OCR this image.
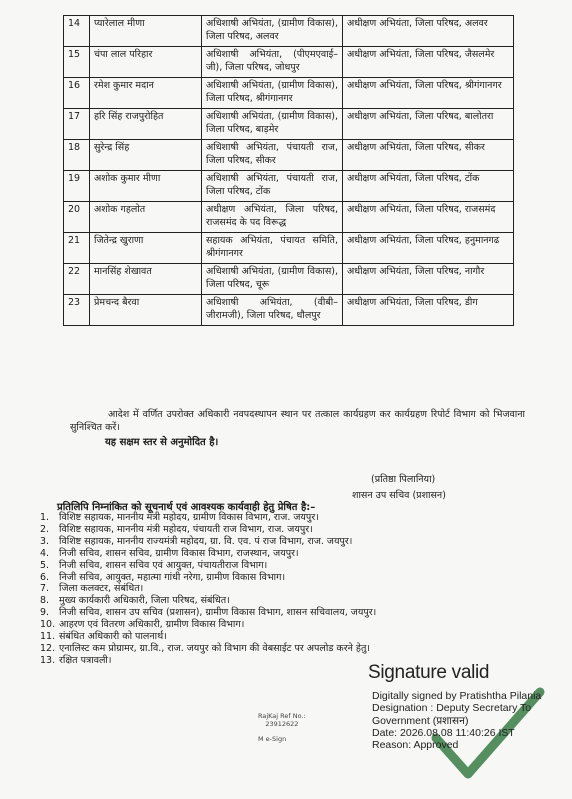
14	प्यारेलाल मीणा	अधिशाषी अभियंता, (ग्रामीण विकास), जिला परिषद, अलवर	अधीक्षण अभियंता, जिला परिषद, अलवर
15	चंपा लाल परिहार	अधिशाषी अभियंता, (पीएमएवाई–जी), जिला परिषद, जोधपुर	अधीक्षण अभियंता, जिला परिषद, जैसलमेर
16	रमेश कुमार मदान	अधिशाषी अभियंता, (ग्रामीण विकास), जिला परिषद, श्रीगंगानगर	अधीक्षण अभियंता, जिला परिषद, श्रीगंगानगर
17	हरि सिंह राजपुरोहित	अधिशाषी अभियंता, (ग्रामीण विकास), जिला परिषद, बाड़मेर	अधीक्षण अभियंता, जिला परिषद, बालोतरा
18	सुरेन्द्र सिंह	अधिशाषी अभियंता, पंचायती राज, जिला परिषद, सीकर	अधीक्षण अभियंता, जिला परिषद, सीकर
19	अशोक कुमार मीणा	अधिशाषी अभियंता, पंचायती राज, जिला परिषद, टोंक	अधीक्षण अभियंता, जिला परिषद, टोंक
20	अशोक गहलोत	अधीक्षण अभियंता, जिला परिषद, राजसमंद के पद विरूद्ध	अधीक्षण अभियंता, जिला परिषद, राजसमंद
21	जितेन्द्र खुराणा	सहायक अभियंता, पंचायत समिति, श्रीगंगानगर	अधीक्षण अभियंता, जिला परिषद, हनुमानगढ
22	मानसिंह शेखावत	अधिशाषी अभियंता, (ग्रामीण विकास), जिला परिषद, चूरू	अधीक्षण अभियंता, जिला परिषद, नागौर
23	प्रेमचन्द बैरवा	अधिशाषी अभियंता, (वीबी–जीरामजी), जिला परिषद, धौलपुर	अधीक्षण अभियंता, जिला परिषद, डीग
आदेश में वर्णित उपरोक्त अधिकारी नवपदस्थापन स्थान पर तत्काल कार्यग्रहण कर कार्यग्रहण रिपोर्ट विभाग को भिजवाना सुनिश्चित करें।
यह सक्षम स्तर से अनुमोदित है।
(प्रतिष्ठा पिलानिया)
शासन उप सचिव (प्रशासन)
प्रतिलिपि निम्नांकित को सूचनार्थ एवं आवश्यक कार्यवाही हेतु प्रेषित है:–
1.	विशिष्ट सहायक, माननीय मंत्री महोदय, ग्रामीण विकास विभाग, राज. जयपुर।
2.	विशिष्ट सहायक, माननीय मंत्री महोदय, पंचायती राज विभाग, राज. जयपुर।
3.	विशिष्ट सहायक, माननीय राज्यमंत्री महोदय, ग्रा. वि. एव. पं राज विभाग, राज. जयपुर।
4.	निजी सचिव, शासन सचिव, ग्रामीण विकास विभाग, राजस्थान, जयपुर।
5.	निजी सचिव, शासन सचिव एवं आयुक्त, पंचायतीराज विभाग।
6.	निजी सचिव, आयुक्त, महात्मा गांधी नरेगा, ग्रामीण विकास विभाग।
7.	जिला कलक्टर, संबंधित।
8.	मुख्य कार्यकारी अधिकारी, जिला परिषद, संबंधित।
9.	निजी सचिव, शासन उप सचिव (प्रशासन), ग्रामीण विकास विभाग, शासन सचिवालय, जयपुर।
10. आहरण एवं वितरण अधिकारी, ग्रामीण विकास विभाग।
11. संबंधित अधिकारी को पालनार्थ।
12. एनालिस्ट कम प्रोग्रामर, ग्रा.वि., राज. जयपुर को विभाग की वेबसाईट पर अपलोड करने हेतु।
13. रक्षित पत्रावली।
RajKaj Ref No.:
23912622
M e-Sign
Signature valid
Digitally signed by Pratishtha Pilania
Designation : Deputy Secretary To
Government (प्रशासन)
Date: 2026.08.08 11:40:26 IST
Reason: Approved
